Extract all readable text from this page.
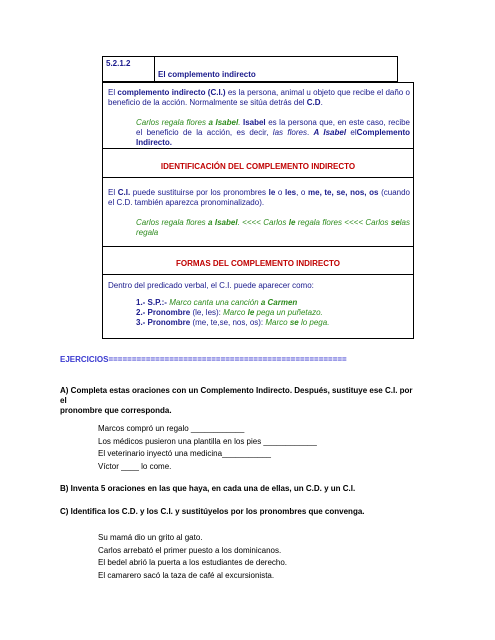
5.2.1.2
El complemento indirecto

El complemento indirecto (C.I.) es la persona, animal u objeto que recibe el daño o beneficio de la acción. Normalmente se sitúa detrás del C.D.

Carlos regala flores a Isabel. Isabel es la persona que, en este caso, recibe el beneficio de la acción, es decir, las flores. A Isabel elComplemento Indirecto.

IDENTIFICACIÓN DEL COMPLEMENTO INDIRECTO

El C.I. puede sustituirse por los pronombres le o les, o me, te, se, nos, os (cuando el C.D. también aparezca pronominalizado).

Carlos regala flores a Isabel. <<<< Carlos le regala flores <<<< Carlos selas regala

FORMAS DEL COMPLEMENTO INDIRECTO

Dentro del predicado verbal, el C.I. puede aparecer como:

1.- S.P.:- Marco canta una canción a Carmen

2.- Pronombre (le, les): Marco le pega un puñetazo.

3.- Pronombre (me, te,se, nos, os): Marco se lo pega.

EJERCICIOS===================================================
A) Completa estas oraciones con un Complemento Indirecto. Después, sustituye ese C.I. por
el
pronombre que corresponda.
Marcos compró un regalo ____________
Los médicos pusieron una plantilla en los pies ____________
El veterinario inyectó una medicina___________
Víctor ____ lo come.
B) Inventa 5 oraciones en las que haya, en cada una de ellas, un C.D. y un C.I.
C) Identifica los C.D. y los C.I. y sustitúyelos por los pronombres que convenga.
Su mamá dio un grito al gato.
Carlos arrebató el primer puesto a los dominicanos.
El bedel abrió la puerta a los estudiantes de derecho.
El camarero sacó la taza de café al excursionista.
